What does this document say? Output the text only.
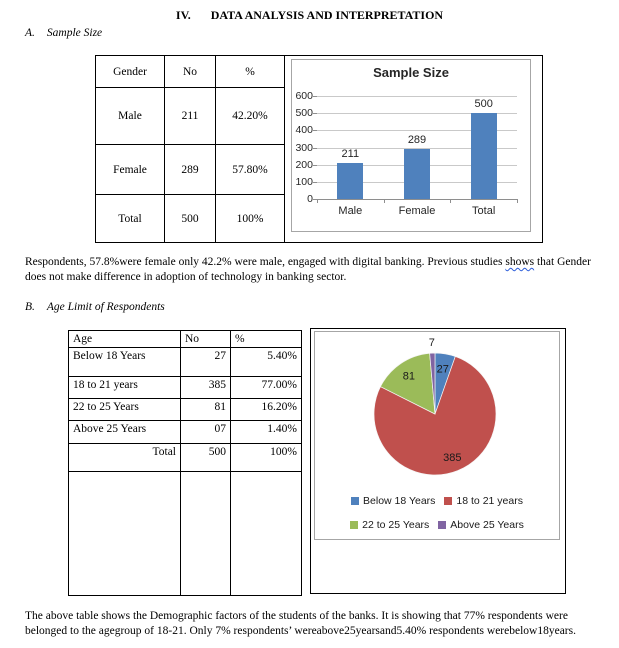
IV. DATA ANALYSIS AND INTERPRETATION
A. Sample Size
Gender	No	%	Sample Size
600
500
400
300
200
100
0
211
Male
289
Female
500
Total

Male	211	42.20%	
Female	289	57.80%	
Total	500	100%	

Respondents, 57.8%were female only 42.2% were male, engaged with digital banking. Previous studies shows that Gender does not make difference in adoption of technology in banking sector.

B. Age Limit of Respondents
Age	No	%
Below 18 Years	27	5.40%
18 to 21 years	385	77.00%
22 to 25 Years	81	16.20%
Above 25 Years	07	1.40%
Total	500	100%

27
385
81
7
Below 18 Years 18 to 21 years
22 to 25 Years Above 25 Years

The above table shows the Demographic factors of the students of the banks. It is showing that 77% respondents were belonged to the agegroup of 18-21. Only 7% respondents’ wereabove25yearsand5.40% respondents werebelow18years.
